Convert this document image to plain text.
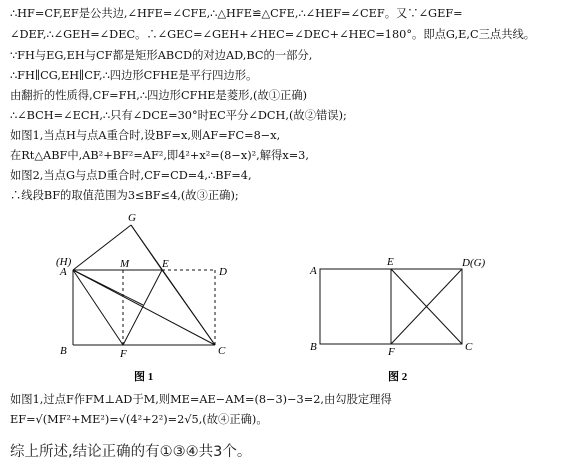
∴HF=CF,EF是公共边,∠HFE=∠CFE,∴△HFE≌△CFE,∴∠HEF=∠CEF。又∵∠GEF=
∠DEF,∴∠GEH=∠DEC。∴∠GEC=∠GEH+∠HEC=∠DEC+∠HEC=180°。即点G,E,C三点共线。
∵FH与EG,EH与CF都是矩形ABCD的对边AD,BC的一部分,
∴FH∥CG,EH∥CF,∴四边形CFHE是平行四边形。
由翻折的性质得,CF=FH,∴四边形CFHE是菱形,(故①正确)
∴∠BCH=∠ECH,∴只有∠DCE=30°时EC平分∠DCH,(故②错误);
如图1,当点H与点A重合时,设BF=x,则AF=FC=8−x,
在Rt△ABF中,AB²+BF²=AF²,即4²+x²=(8−x)²,解得x=3,
如图2,当点G与点D重合时,CF=CD=4,∴BF=4,
∴线段BF的取值范围为3≤BF≤4,(故③正确);
(H)
A
G
M	E
D
B	F	C
图 1
A
E	D(G)
B	F	C
图 2
如图1,过点F作FM⊥AD于M,则ME=AE−AM=(8−3)−3=2,由勾股定理得
EF=√(MF²+ME²)=√(4²+2²)=2√5,(故④正确)。
综上所述,结论正确的有①③④共3个。
